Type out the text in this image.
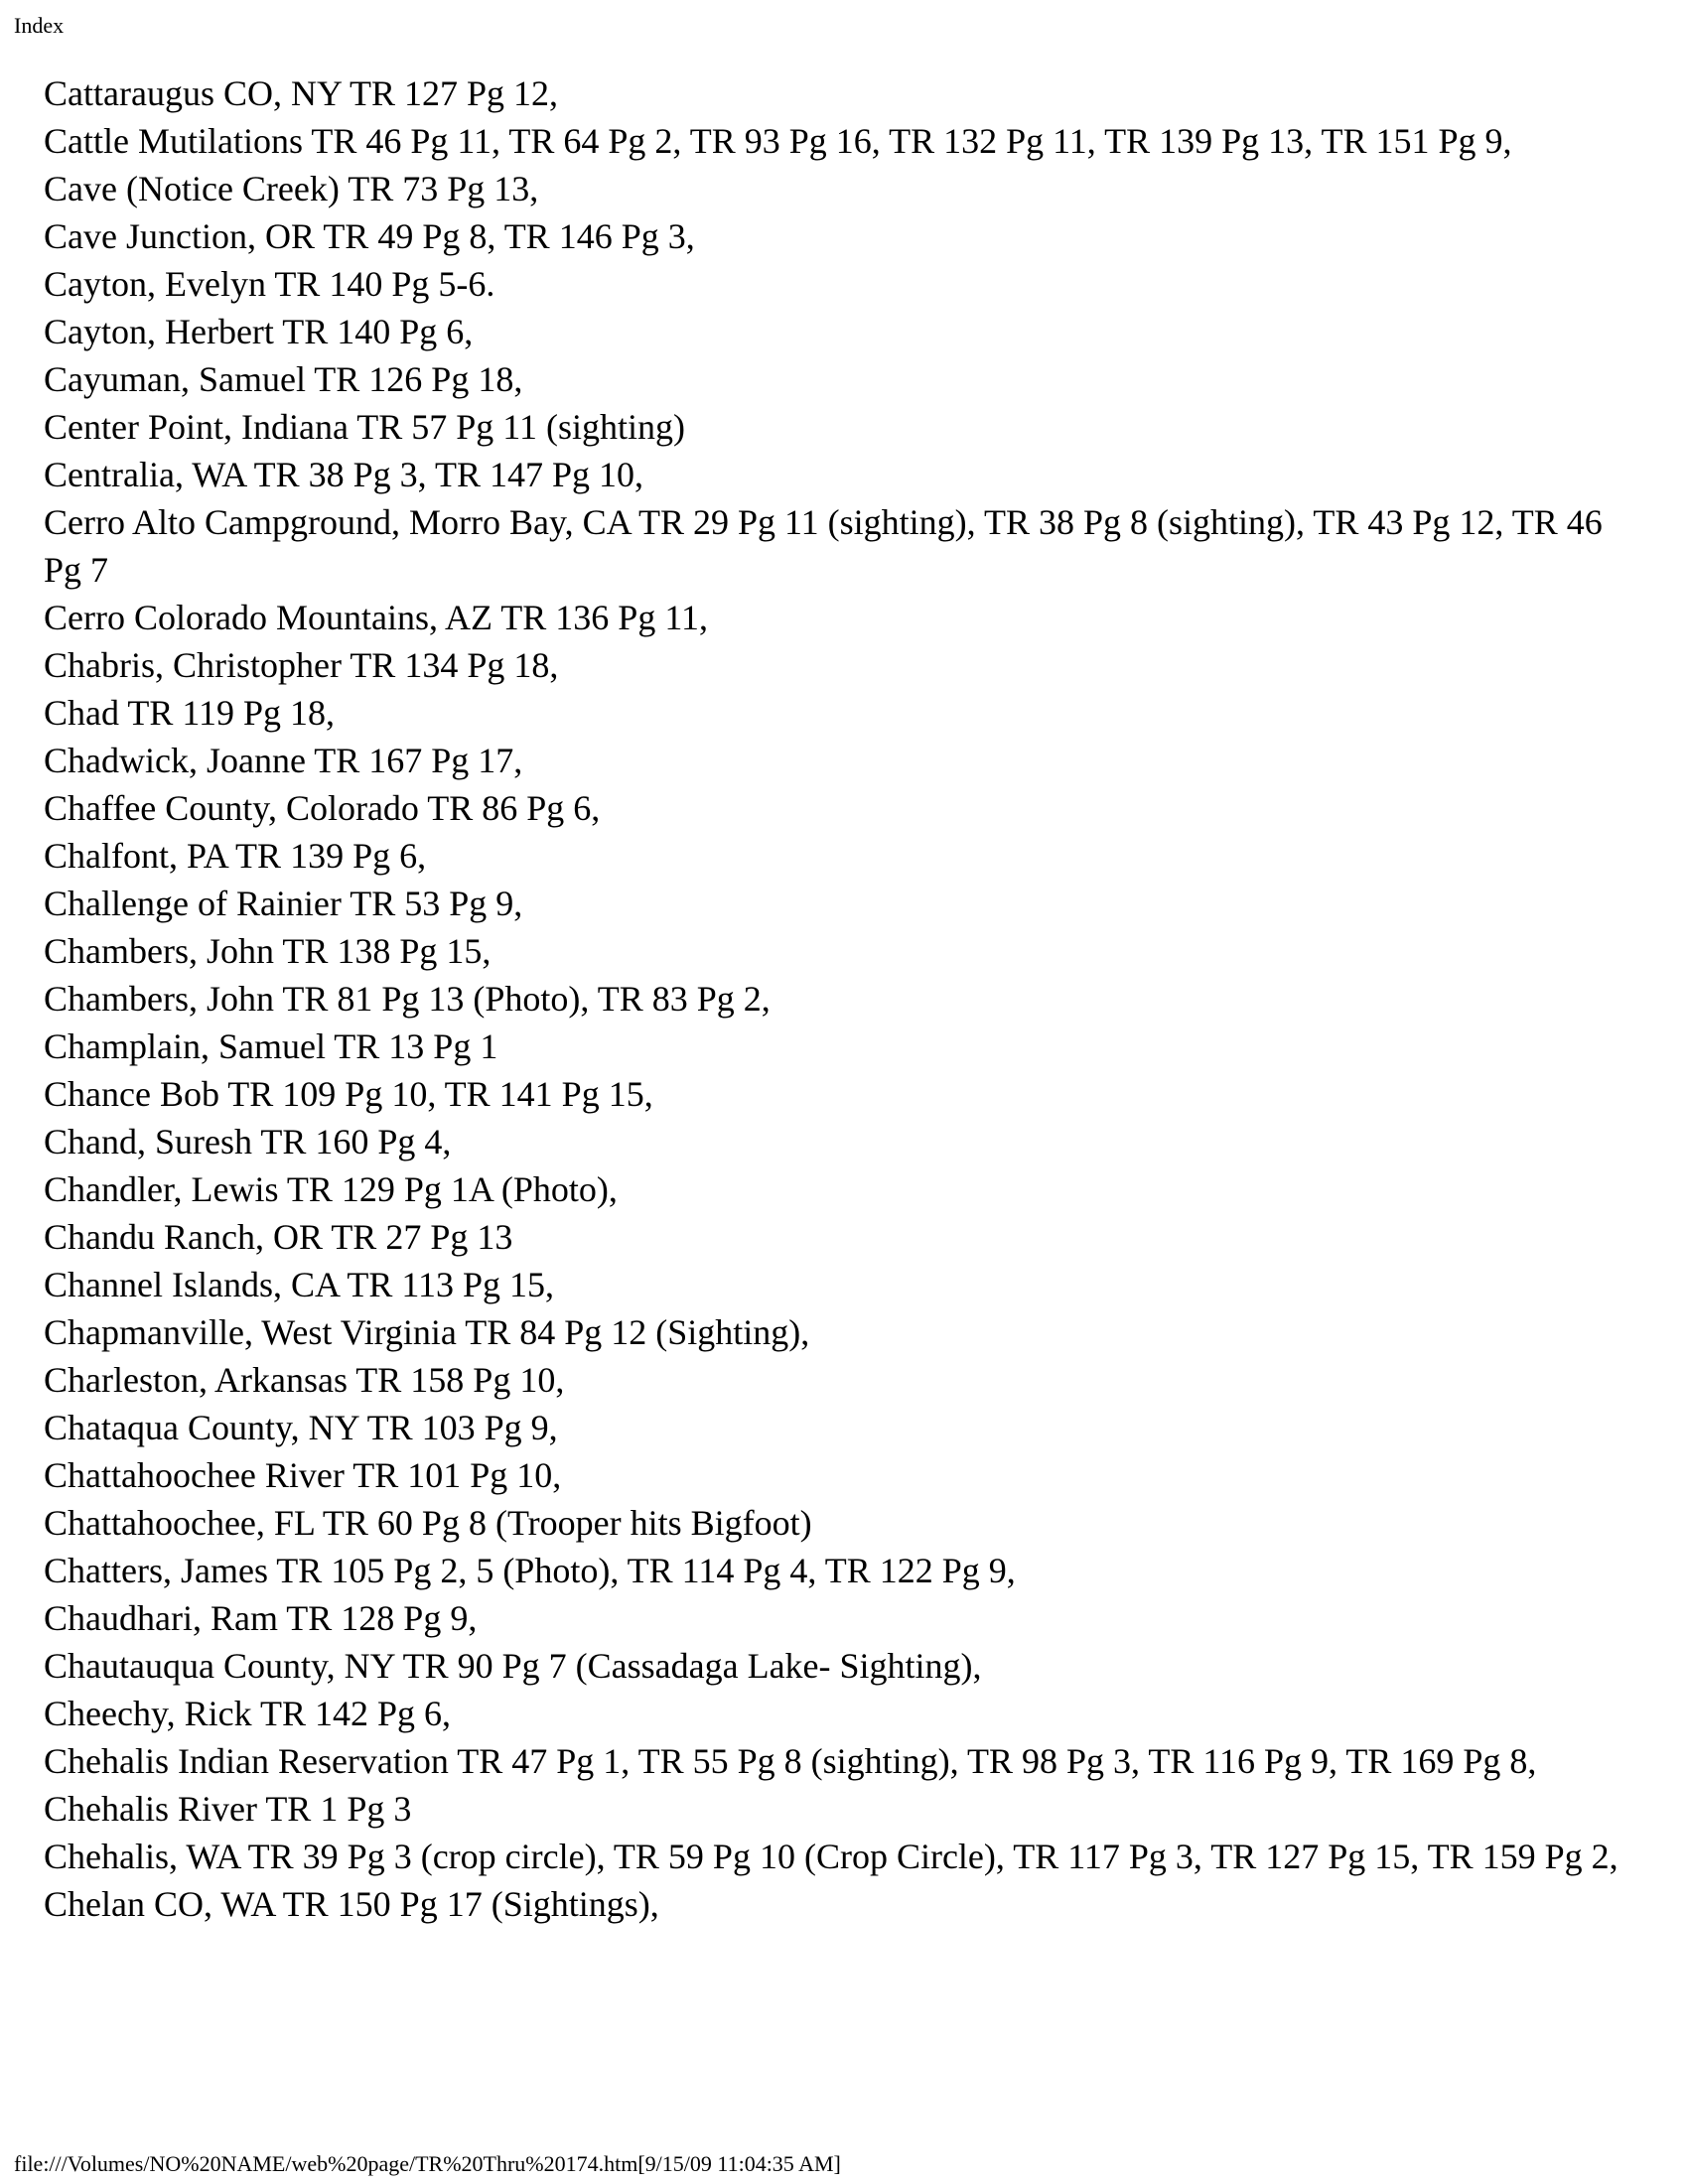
Index
Cattaraugus CO, NY TR 127 Pg 12,
Cattle Mutilations TR 46 Pg 11, TR 64 Pg 2, TR 93 Pg 16, TR 132 Pg 11, TR 139 Pg 13, TR 151 Pg 9,
Cave (Notice Creek) TR 73 Pg 13,
Cave Junction, OR TR 49 Pg 8, TR 146 Pg 3,
Cayton, Evelyn TR 140 Pg 5-6.
Cayton, Herbert TR 140 Pg 6,
Cayuman, Samuel TR 126 Pg 18,
Center Point, Indiana TR 57 Pg 11 (sighting)
Centralia, WA TR 38 Pg 3, TR 147 Pg 10,
Cerro Alto Campground, Morro Bay, CA TR 29 Pg 11 (sighting), TR 38 Pg 8 (sighting), TR 43 Pg 12, TR 46 Pg 7
Cerro Colorado Mountains, AZ TR 136 Pg 11,
Chabris, Christopher TR 134 Pg 18,
Chad TR 119 Pg 18,
Chadwick, Joanne TR 167 Pg 17,
Chaffee County, Colorado TR 86 Pg 6,
Chalfont, PA TR 139 Pg 6,
Challenge of Rainier TR 53 Pg 9,
Chambers, John TR 138 Pg 15,
Chambers, John TR 81 Pg 13 (Photo), TR 83 Pg 2,
Champlain, Samuel TR 13 Pg 1
Chance Bob TR 109 Pg 10, TR 141 Pg 15,
Chand, Suresh TR 160 Pg 4,
Chandler, Lewis TR 129 Pg 1A (Photo),
Chandu Ranch, OR TR 27 Pg 13
Channel Islands, CA TR 113 Pg 15,
Chapmanville, West Virginia TR 84 Pg 12 (Sighting),
Charleston, Arkansas TR 158 Pg 10,
Chataqua County, NY TR 103 Pg 9,
Chattahoochee River TR 101 Pg 10,
Chattahoochee, FL TR 60 Pg 8 (Trooper hits Bigfoot)
Chatters, James TR 105 Pg 2, 5 (Photo), TR 114 Pg 4, TR 122 Pg 9,
Chaudhari, Ram TR 128 Pg 9,
Chautauqua County, NY TR 90 Pg 7 (Cassadaga Lake- Sighting),
Cheechy, Rick TR 142 Pg 6,
Chehalis Indian Reservation TR 47 Pg 1, TR 55 Pg 8 (sighting), TR 98 Pg 3, TR 116 Pg 9, TR 169 Pg 8,
Chehalis River TR 1 Pg 3
Chehalis, WA TR 39 Pg 3 (crop circle), TR 59 Pg 10 (Crop Circle), TR 117 Pg 3, TR 127 Pg 15, TR 159 Pg 2,
Chelan CO, WA TR 150 Pg 17 (Sightings),
file:///Volumes/NO%20NAME/web%20page/TR%20Thru%20174.htm[9/15/09 11:04:35 AM]
